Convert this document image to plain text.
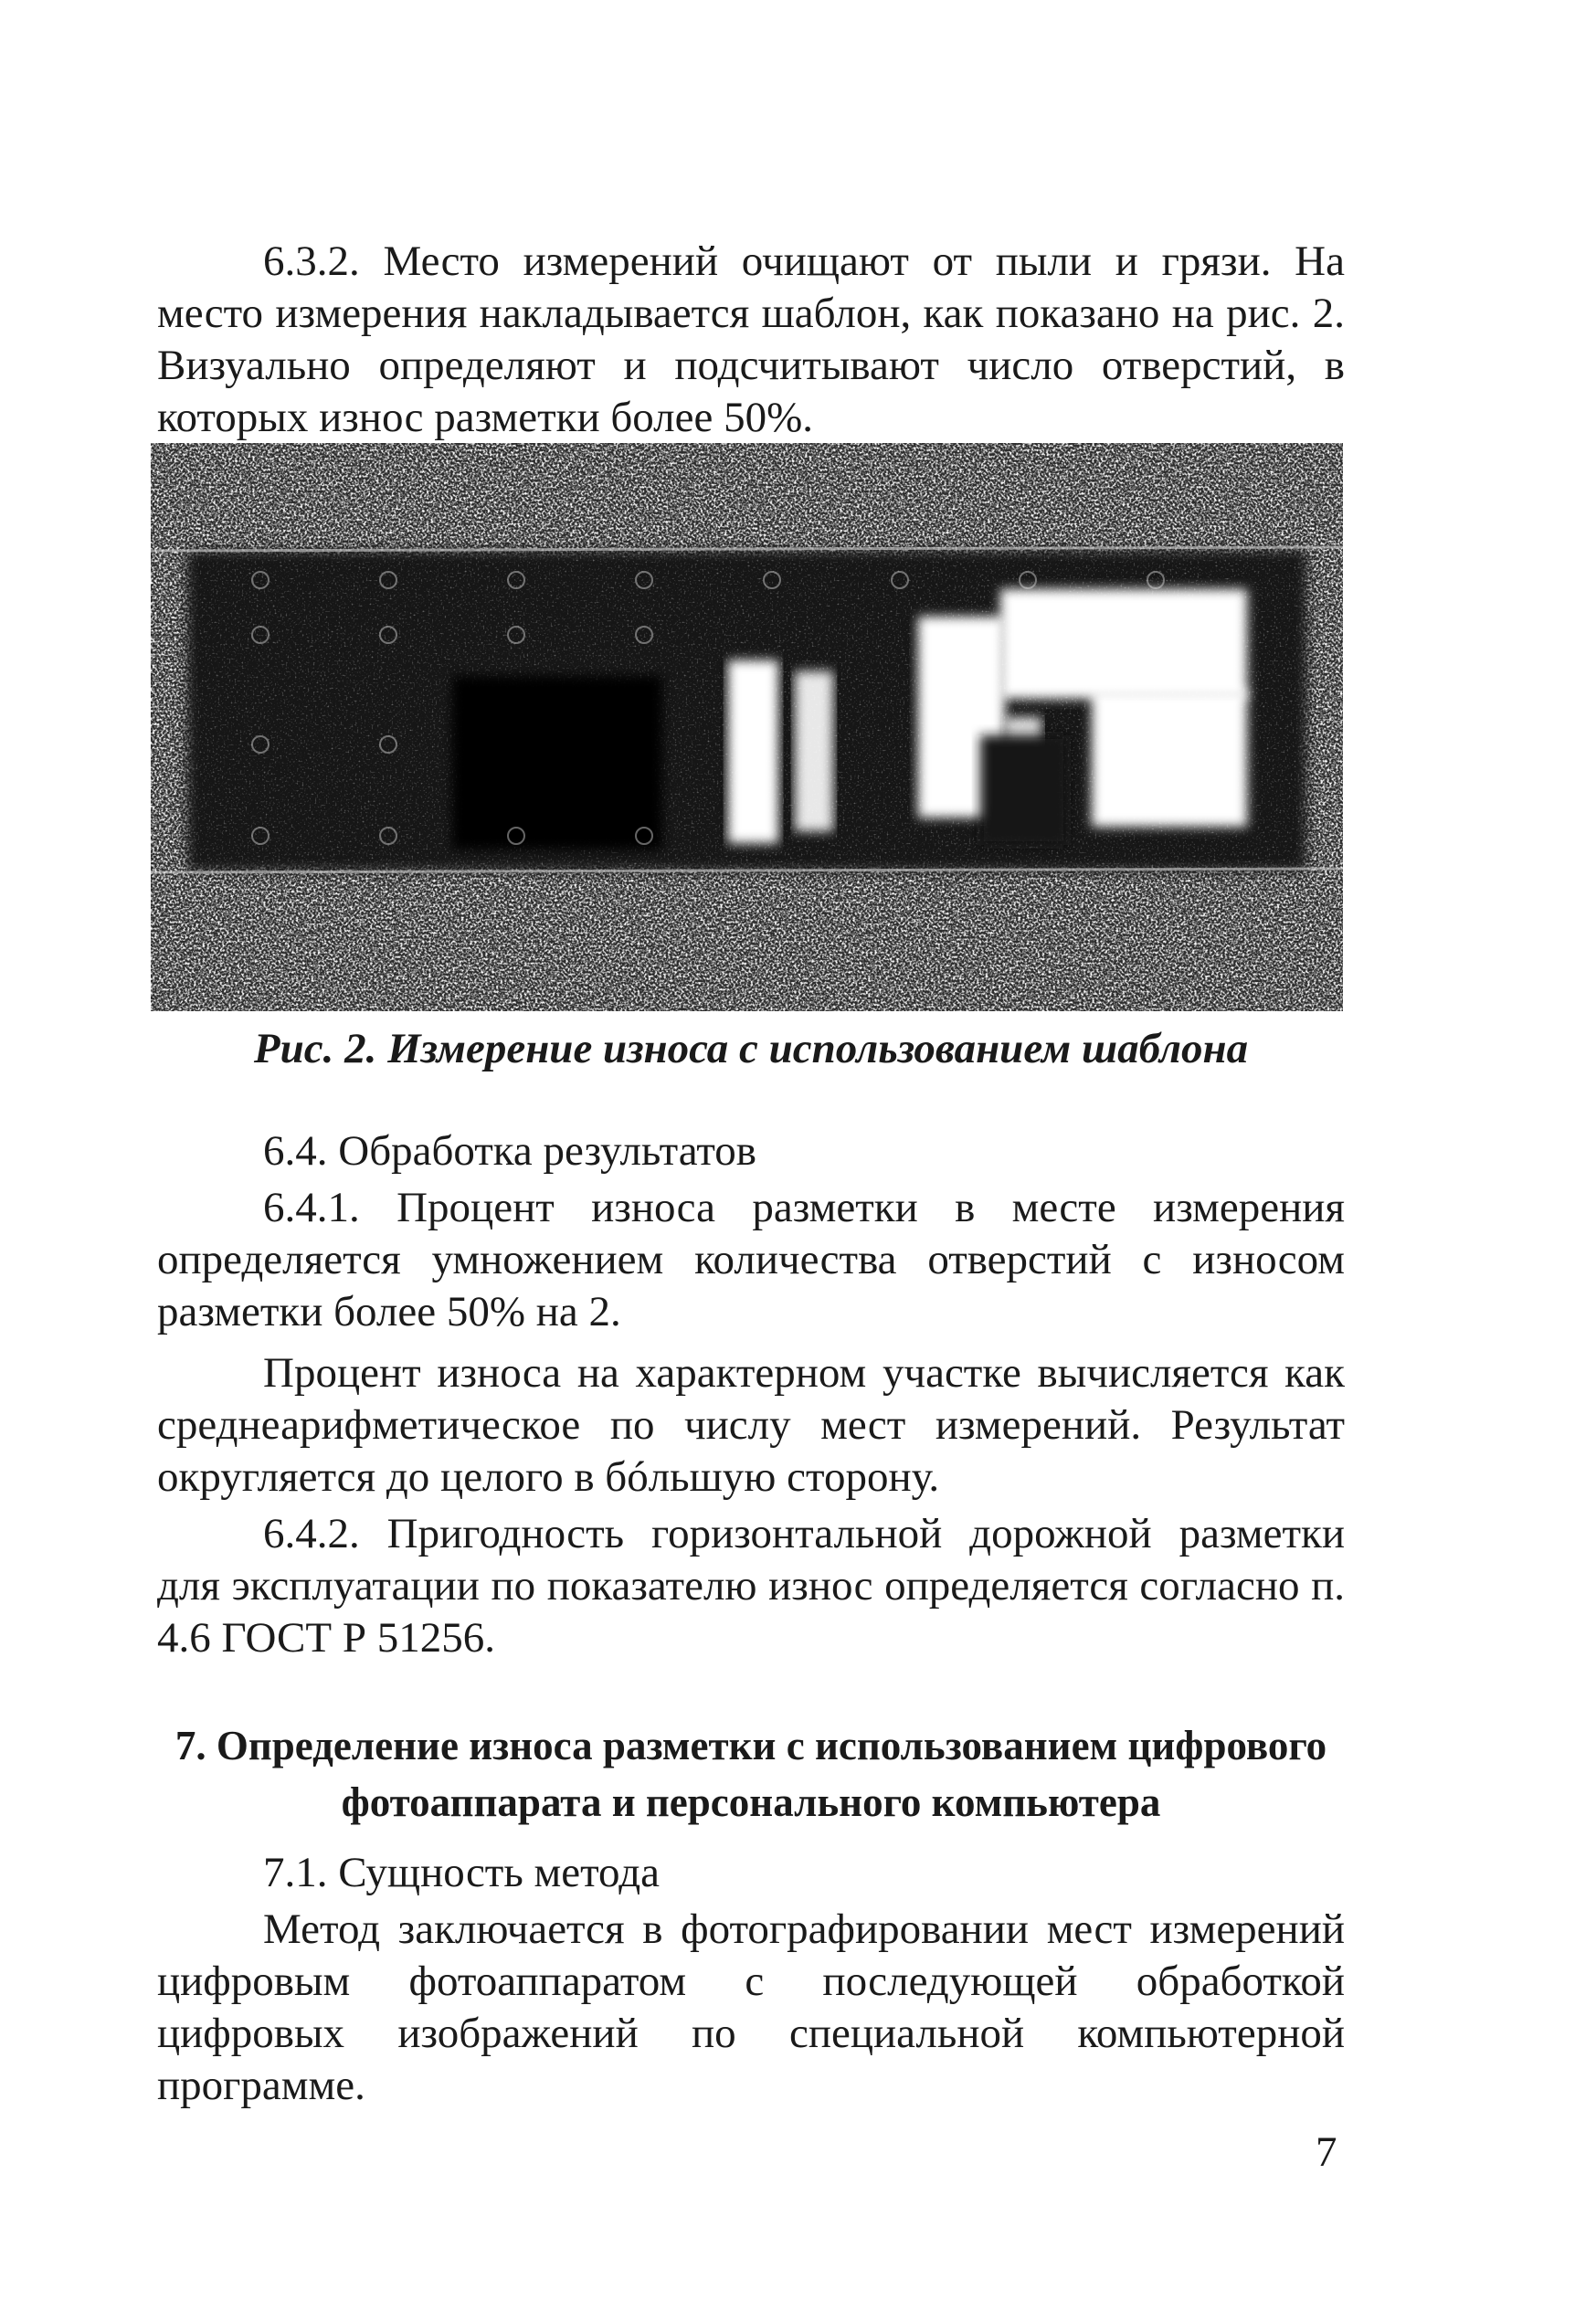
6.3.2. Место измерений очищают от пыли и грязи. На место измерения накладывается шаблон, как показано на рис. 2. Визуально определяют и подсчитывают число отверстий, в которых износ разметки более 50%.

Рис. 2. Измерение износа с использованием шаблона

6.4. Обработка результатов

6.4.1. Процент износа разметки в месте измерения определяется умножением количества отверстий с износом разметки более 50% на 2.

Процент износа на характерном участке вычисляется как среднеарифметическое по числу мест измерений. Результат округляется до целого в бóльшую сторону.

6.4.2. Пригодность горизонтальной дорожной разметки для эксплуатации по показателю износ определяется согласно п. 4.6 ГОСТ Р 51256.

7. Определение износа разметки с использованием цифрового фотоаппарата и персонального компьютера

7.1. Сущность метода

Метод заключается в фотографировании мест измерений цифровым фотоаппаратом с последующей обработкой цифровых изображений по специальной компьютерной программе.

7
